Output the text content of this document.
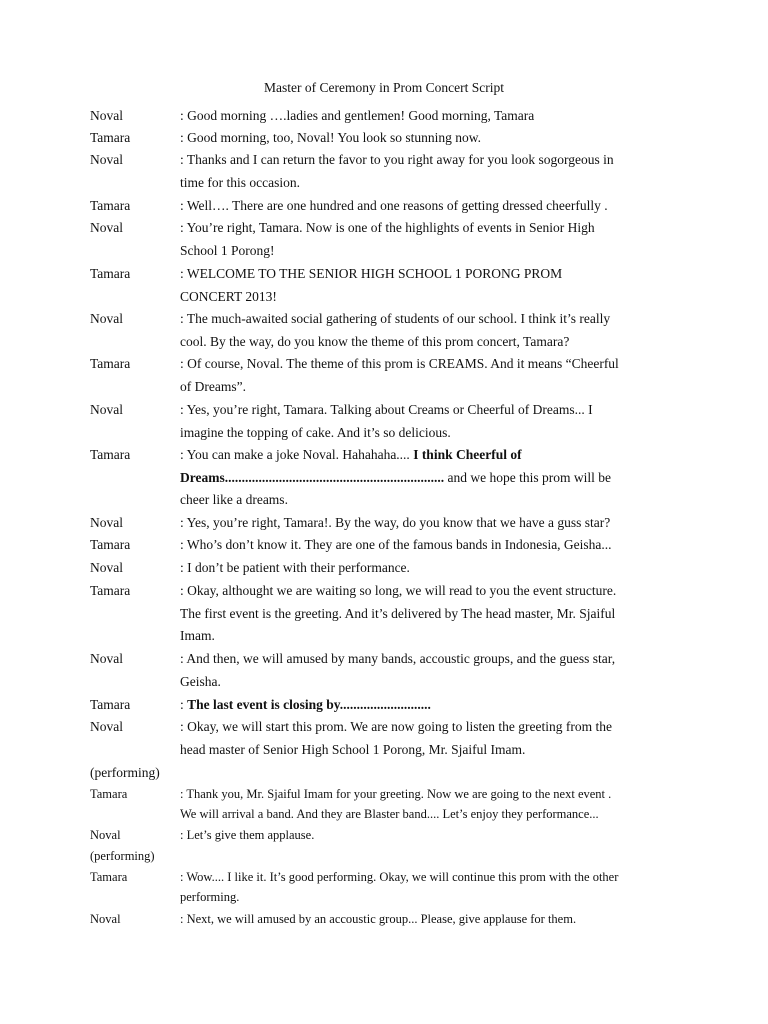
Master of Ceremony in Prom Concert Script
Noval	: Good morning ….ladies and gentlemen! Good morning, Tamara
Tamara	: Good morning, too, Noval! You look so stunning now.
Noval	: Thanks and I can return the favor to you right away for you look sogorgeous in
time for this occasion.
Tamara	: Well…. There are one hundred and one reasons of getting dressed cheerfully .
Noval	: You’re right, Tamara. Now is one of the highlights of events in Senior High
School 1 Porong!
Tamara	: WELCOME TO THE SENIOR HIGH SCHOOL 1 PORONG PROM
CONCERT 2013!
Noval	: The much-awaited social gathering of students of our school. I think it’s really
cool. By the way, do you know the theme of this prom concert, Tamara?
Tamara	: Of course, Noval. The theme of this prom is CREAMS. And it means “Cheerful
of Dreams”.
Noval	: Yes, you’re right, Tamara. Talking about Creams or Cheerful of Dreams... I
imagine the topping of cake. And it’s so delicious.
Tamara	: You can make a joke Noval. Hahahaha.... I think Cheerful of
Dreams................................................................. and we hope this prom will be
cheer like a dreams.
Noval	: Yes, you’re right, Tamara!. By the way, do you know that we have a guss star?
Tamara	: Who’s don’t know it. They are one of the famous bands in Indonesia, Geisha...
Noval	: I don’t be patient with their performance.
Tamara	: Okay, althought we are waiting so long, we will read to you the event structure.
The first event is the greeting. And it’s delivered by The head master, Mr. Sjaiful
Imam.
Noval	: And then, we will amused by many bands, accoustic groups, and the guess star,
Geisha.
Tamara	: The last event is closing by...........................
Noval	: Okay, we will start this prom. We are now going to listen the greeting from the
head master of Senior High School 1 Porong, Mr. Sjaiful Imam.
(performing)
Tamara	: Thank you, Mr. Sjaiful Imam for your greeting. Now we are going to the next event .
We will arrival a band. And they are Blaster band.... Let’s enjoy they performance...
Noval	: Let’s give them applause.
(performing)
Tamara	: Wow.... I like it. It’s good performing. Okay, we will continue this prom with the other
performing.
Noval	: Next, we will amused by an accoustic group... Please, give applause for them.
